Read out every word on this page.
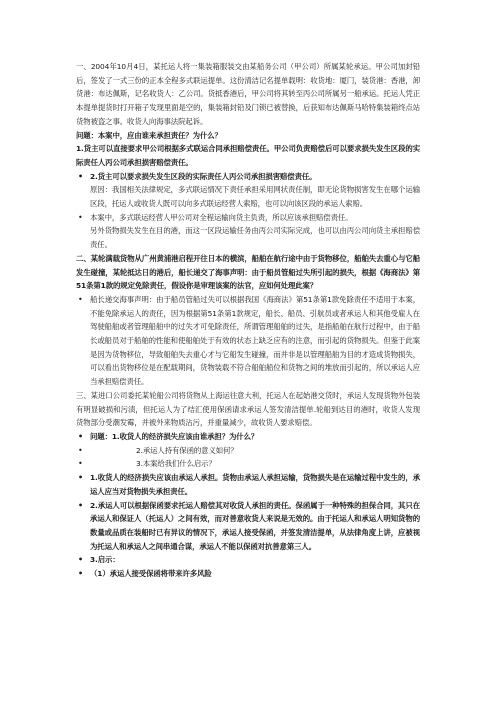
一、2004年10月4日，某托运人将一集装箱服装交由某船务公司（甲公司）所属某轮承运。甲公司加封铅后，签发了一式三份的正本全程多式联运提单。这份清洁记名提单载明：收货地：厦门，装货港：香港，卸货港：布达佩斯，记名收货人：乙公司。货抵香港后，甲公司将其转至丙公司所属另一船承运。托运人凭正本提单提货时打开箱子发现里面是空的，集装箱封铅及门锁已被替换，后获知布达佩斯马哈特集装箱终点站货物被盗之事。收货人向海事法院起诉。

问题：本案中，应由谁来承担责任？为什么？

1.货主可以直接要求甲公司根据多式联运合同承担赔偿责任。甲公司负责赔偿后可以要求损失发生区段的实际责任人丙公司承担损害赔偿责任。

• 2.货主可以要求损失发生区段的实际责任人丙公司承担损害赔偿责任。

原因：我国相关法律规定，多式联运情况下责任承担采用网状责任制，即无论货物损害发生在哪个运输区段，托运人或收货人既可以向多式联运经营人索赔，也可以向该区段的承运人索赔。

• 本案中，多式联运经营人甲公司对全程运输向货主负责，所以应该承担赔偿责任。

另外货物损失发生在目的港，而这一区段运输任务由丙公司实际完成，也可以由丙公司向货主承担赔偿责任。

二、某轮满载货物从广州黄浦港启程开往日本的横滨，船舶在航行途中由于货物移位，船舶失去重心与它船发生碰撞，某轮抵达日的港后，船长递交了海事声明：由于船员管船过失所引起的损失，根据《海商法》第51条第1款的规定免除责任，假设你是审理该案的法官，应如何处理此案？

• 船长递交海事声明：由于船员管船过失可以根据我国《海商法》第51条第1款免除责任不适用于本案，不能免除承运人的责任，因为根据第51条第1款规定，船长、船员、引航员或者承运人和其他受雇人在驾驶船舶或者管理船舶中的过失才可免除责任，所谓管理船舶的过失，是指船舶在航行过程中，由于船长或船员对于船舶的性能和使船舶处于有效的状态上缺乏应有的注意，而引起的货物损失。但鉴于此案是因为货物移位，导致船舶失去重心才与它船发生碰撞，而并非是以管理船舶为目的才造成货物损失，可以看出货物移位是在配载期间，货物装载不符合船舶船位和货物之间的堆放而引起的，所以承运人应当承担赔偿责任。

三、某进口公司委托某轮船公司将货物从上海运往意大利，托运人在起始港交货时，承运人发现货物外包装有明显破损和污渍，但托运人为了结汇使用保函请求承运人签发清洁提单.轮船到达目的港时，收货人发现货物部分受潮发霉，并被外来物质沾污，并重量减少，故收货人要求赔偿。

• 问题：1.收货人的经济损失应该由谁承担？为什么？

• 2.承运人持有保函的意义如何？

• 3.本案给我们什么启示？

• 1.收货人的经济损失应该由承运人承担。货物由承运人承担运输，货物损失是在运输过程中发生的，承运人应当对货物损失承担责任。

• 2.承运人可以根据保函要求托运人赔偿其对收货人承担的责任。保函属于一种特殊的担保合同，其只在承运人和保证人（托运人）之间有效，而对善意收货人来说是无效的。由于托运人和承运人明知货物的数量或品质在装船时已有异议的情况下，承运人接受保函，并签发清洁提单，从法律角度上讲，应被视为托运人和承运人之间串通合谋，承运人不能以保函对抗善意第三人。

• 3.启示：

• （1）承运人接受保函将带来许多风险
